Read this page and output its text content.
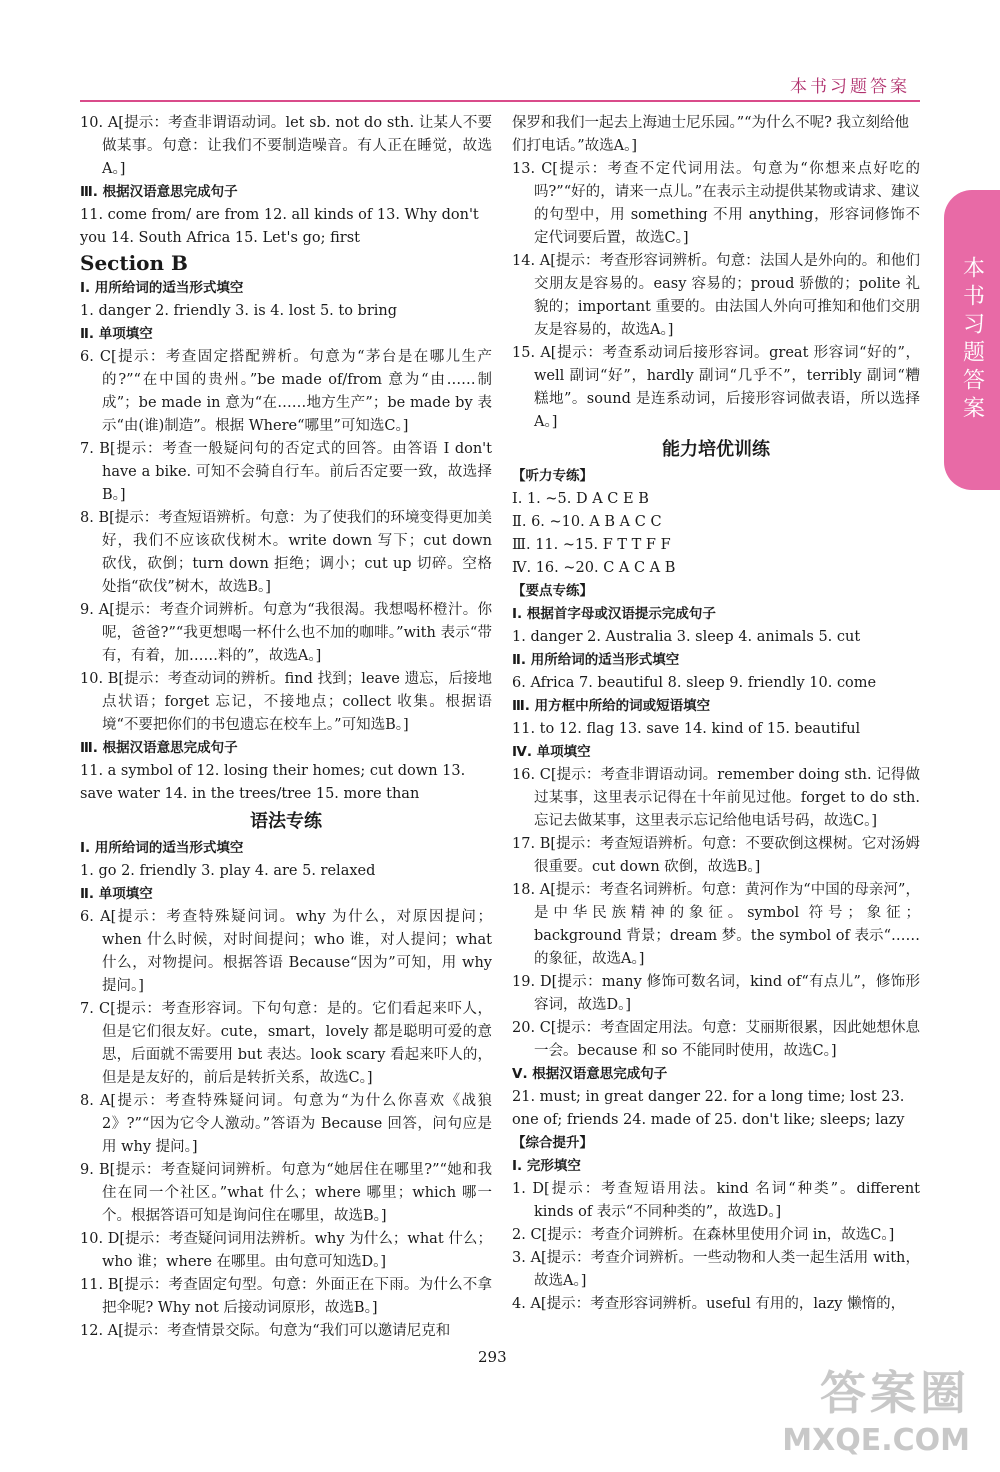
本书习题答案
本书习题答案
10. A[提示：考查非谓语动词。let sb. not do sth. 让某人不要做某事。句意：让我们不要制造噪音。有人正在睡觉，故选A。]
Ⅲ. 根据汉语意思完成句子
11. come from/ are from 12. all kinds of 13. Why don't you 14. South Africa 15. Let's go; first
Section B
Ⅰ. 用所给词的适当形式填空
1. danger 2. friendly 3. is 4. lost 5. to bring
Ⅱ. 单项填空
6. C[提示：考查固定搭配辨析。句意为“茅台是在哪儿生产的?”“在中国的贵州。”be made of/from 意为“由……制成”；be made in 意为“在……地方生产”；be made by 表示“由(谁)制造”。根据 Where“哪里”可知选C。]
7. B[提示：考查一般疑问句的否定式的回答。由答语 I don't have a bike. 可知不会骑自行车。前后否定要一致，故选择B。]
8. B[提示：考查短语辨析。句意：为了使我们的环境变得更加美好，我们不应该砍伐树木。write down 写下；cut down 砍伐，砍倒；turn down 拒绝；调小；cut up 切碎。空格处指“砍伐”树木，故选B。]
9. A[提示：考查介词辨析。句意为“我很渴。我想喝杯橙汁。你呢，爸爸?”“我更想喝一杯什么也不加的咖啡。”with 表示“带有，有着，加……料的”，故选A。]
10. B[提示：考查动词的辨析。find 找到；leave 遗忘，后接地点状语；forget 忘记，不接地点；collect 收集。根据语境“不要把你们的书包遗忘在校车上。”可知选B。]
Ⅲ. 根据汉语意思完成句子
11. a symbol of 12. losing their homes; cut down 13. save water 14. in the trees/tree 15. more than
语法专练
Ⅰ. 用所给词的适当形式填空
1. go 2. friendly 3. play 4. are 5. relaxed
Ⅱ. 单项填空
6. A[提示：考查特殊疑问词。why 为什么，对原因提问；when 什么时候，对时间提问；who 谁，对人提问；what 什么，对物提问。根据答语 Because“因为”可知，用 why 提问。]
7. C[提示：考查形容词。下句句意：是的。它们看起来吓人，但是它们很友好。cute，smart，lovely 都是聪明可爱的意思，后面就不需要用 but 表达。look scary 看起来吓人的，但是是友好的，前后是转折关系，故选C。]
8. A[提示：考查特殊疑问词。句意为“为什么你喜欢《战狼2》?”“因为它令人激动。”答语为 Because 回答，问句应是用 why 提问。]
9. B[提示：考查疑问词辨析。句意为“她居住在哪里?”“她和我住在同一个社区。”what 什么；where 哪里；which 哪一个。根据答语可知是询问住在哪里，故选B。]
10. D[提示：考查疑问词用法辨析。why 为什么；what 什么；who 谁；where 在哪里。由句意可知选D。]
11. B[提示：考查固定句型。句意：外面正在下雨。为什么不拿把伞呢? Why not 后接动词原形，故选B。]
12. A[提示：考查情景交际。句意为“我们可以邀请尼克和
保罗和我们一起去上海迪士尼乐园。”“为什么不呢? 我立刻给他们打电话。”故选A。]
13. C[提示：考查不定代词用法。句意为“你想来点好吃的吗?”“好的，请来一点儿。”在表示主动提供某物或请求、建议的句型中，用 something 不用 anything，形容词修饰不定代词要后置，故选C。]
14. A[提示：考查形容词辨析。句意：法国人是外向的。和他们交朋友是容易的。easy 容易的；proud 骄傲的；polite 礼貌的；important 重要的。由法国人外向可推知和他们交朋友是容易的，故选A。]
15. A[提示：考查系动词后接形容词。great 形容词“好的”，well 副词“好”，hardly 副词“几乎不”，terribly 副词“糟糕地”。sound 是连系动词，后接形容词做表语，所以选择A。]
能力培优训练
【听力专练】
Ⅰ. 1. ~5. D A C E B
Ⅱ. 6. ~10. A B A C C
Ⅲ. 11. ~15. F T T F F
Ⅳ. 16. ~20. C A C A B
【要点专练】
Ⅰ. 根据首字母或汉语提示完成句子
1. danger 2. Australia 3. sleep 4. animals 5. cut
Ⅱ. 用所给词的适当形式填空
6. Africa 7. beautiful 8. sleep 9. friendly 10. come
Ⅲ. 用方框中所给的词或短语填空
11. to 12. flag 13. save 14. kind of 15. beautiful
Ⅳ. 单项填空
16. C[提示：考查非谓语动词。remember doing sth. 记得做过某事，这里表示记得在十年前见过他。forget to do sth. 忘记去做某事，这里表示忘记给他电话号码，故选C。]
17. B[提示：考查短语辨析。句意：不要砍倒这棵树。它对汤姆很重要。cut down 砍倒，故选B。]
18. A[提示：考查名词辨析。句意：黄河作为“中国的母亲河”，是中华民族精神的象征。symbol 符号；象征；background 背景；dream 梦。the symbol of 表示“……的象征，故选A。]
19. D[提示：many 修饰可数名词，kind of“有点儿”，修饰形容词，故选D。]
20. C[提示：考查固定用法。句意：艾丽斯很累，因此她想休息一会。because 和 so 不能同时使用，故选C。]
Ⅴ. 根据汉语意思完成句子
21. must; in great danger 22. for a long time; lost 23. one of; friends 24. made of 25. don't like; sleeps; lazy
【综合提升】
Ⅰ. 完形填空
1. D[提示：考查短语用法。kind 名词“种类”。different kinds of 表示“不同种类的”，故选D。]
2. C[提示：考查介词辨析。在森林里使用介词 in，故选C。]
3. A[提示：考查介词辨析。一些动物和人类一起生活用 with，故选A。]
4. A[提示：考查形容词辨析。useful 有用的，lazy 懒惰的，
293
答案圈
MXQE.COM
